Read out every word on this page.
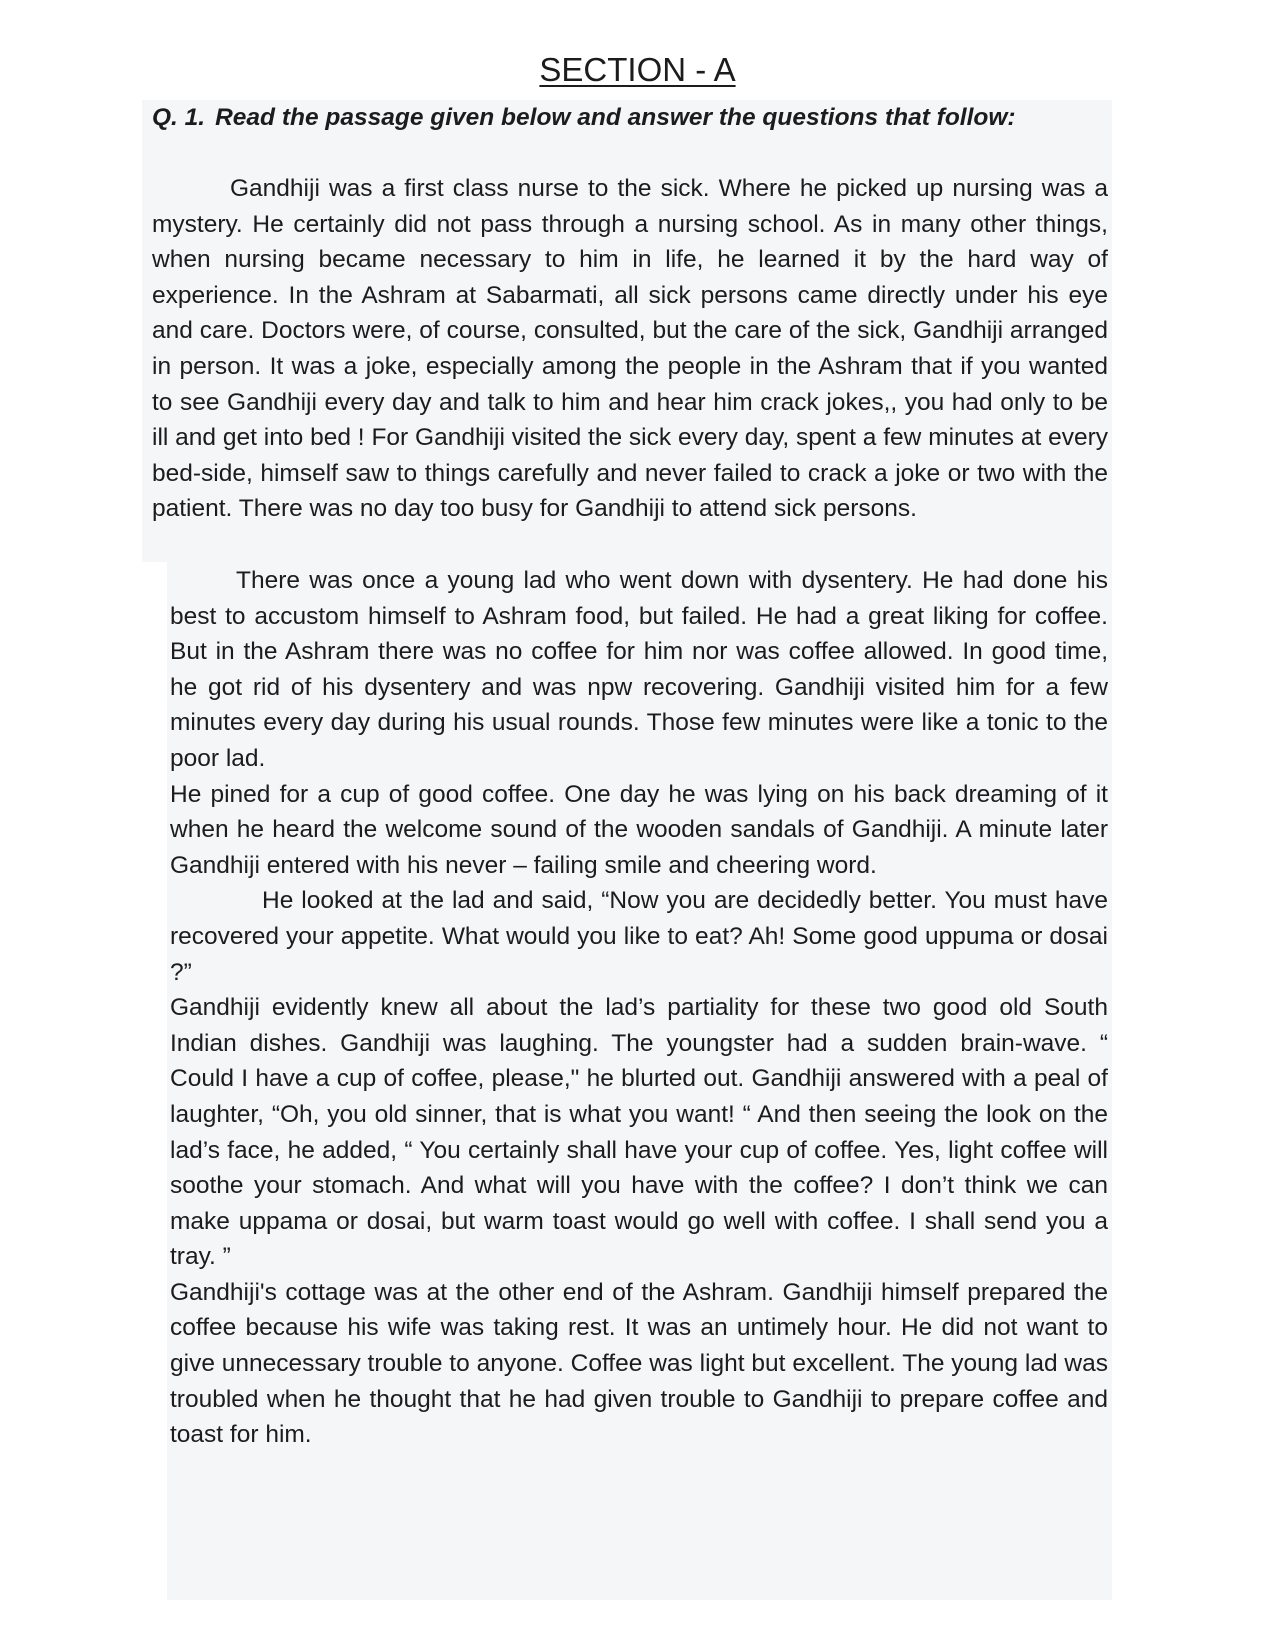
SECTION - A
Q. 1. Read the passage given below and answer the questions that follow:

Gandhiji was a first class nurse to the sick. Where he picked up nursing was a mystery. He certainly did not pass through a nursing school. As in many other things, when nursing became necessary to him in life, he learned it by the hard way of experience. In the Ashram at Sabarmati, all sick persons came directly under his eye and care. Doctors were, of course, consulted, but the care of the sick, Gandhiji arranged in person. It was a joke, especially among the people in the Ashram that if you wanted to see Gandhiji every day and talk to him and hear him crack jokes,, you had only to be ill and get into bed ! For Gandhiji visited the sick every day, spent a few minutes at every bed-side, himself saw to things carefully and never failed to crack a joke or two with the patient. There was no day too busy for Gandhiji to attend sick persons.

There was once a young lad who went down with dysentery. He had done his best to accustom himself to Ashram food, but failed. He had a great liking for coffee. But in the Ashram there was no coffee for him nor was coffee allowed. In good time, he got rid of his dysentery and was npw recovering. Gandhiji visited him for a few minutes every day during his usual rounds. Those few minutes were like a tonic to the poor lad.

He pined for a cup of good coffee. One day he was lying on his back dreaming of it when he heard the welcome sound of the wooden sandals of Gandhiji. A minute later Gandhiji entered with his never – failing smile and cheering word.

He looked at the lad and said, “Now you are decidedly better. You must have recovered your appetite. What would you like to eat? Ah! Some good uppuma or dosai ?”

Gandhiji evidently knew all about the lad’s partiality for these two good old South Indian dishes. Gandhiji was laughing. The youngster had a sudden brain-wave. “ Could I have a cup of coffee, please," he blurted out. Gandhiji answered with a peal of laughter, “Oh, you old sinner, that is what you want! “ And then seeing the look on the lad’s face, he added, “ You certainly shall have your cup of coffee. Yes, light coffee will soothe your stomach. And what will you have with the coffee? I don’t think we can make uppama or dosai, but warm toast would go well with coffee. I shall send you a tray. ”

Gandhiji's cottage was at the other end of the Ashram. Gandhiji himself prepared the coffee because his wife was taking rest. It was an untimely hour. He did not want to give unnecessary trouble to anyone. Coffee was light but excellent. The young lad was troubled when he thought that he had given trouble to Gandhiji to prepare coffee and toast for him.
